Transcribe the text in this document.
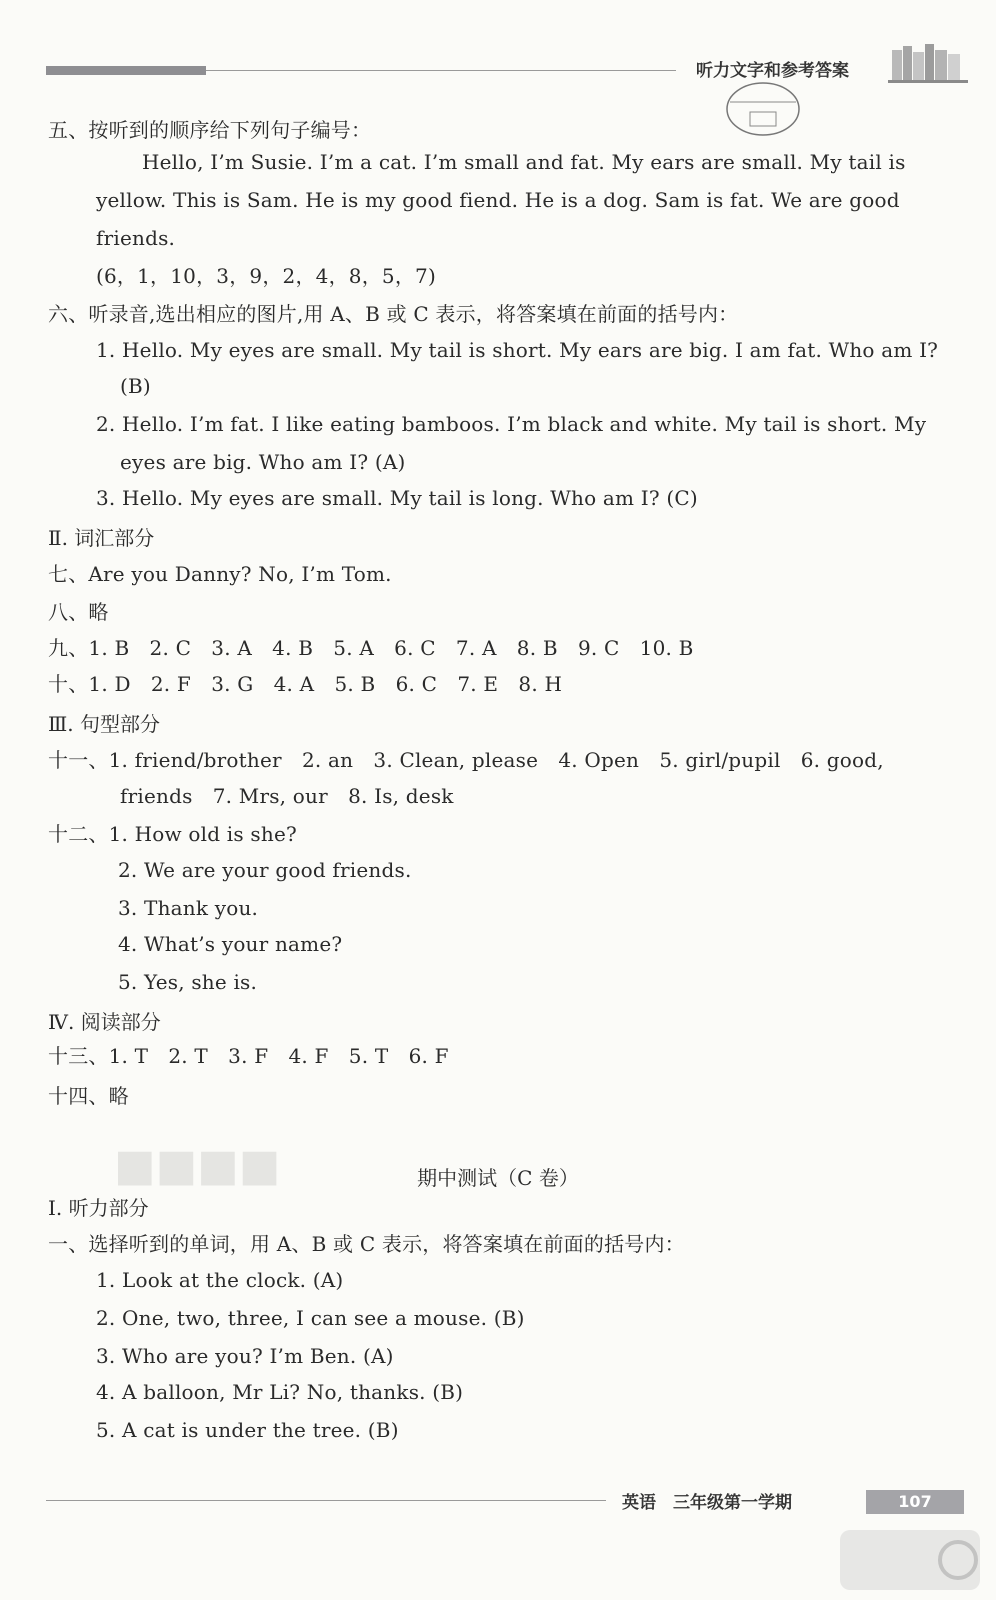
听力文字和参考答案
五、按听到的顺序给下列句子编号：
Hello, I’m Susie. I’m a cat. I’m small and fat. My ears are small. My tail is
yellow. This is Sam. He is my good fiend. He is a dog. Sam is fat. We are good
friends.
(6，1，10，3，9，2，4，8，5，7)
六、听录音,选出相应的图片,用 A、B 或 C 表示，将答案填在前面的括号内：
1. Hello. My eyes are small. My tail is short. My ears are big. I am fat. Who am I?
(B)
2. Hello. I’m fat. I like eating bamboos. I’m black and white. My tail is short. My
eyes are big. Who am I? (A)
3. Hello. My eyes are small. My tail is long. Who am I? (C)
Ⅱ. 词汇部分
七、Are you Danny? No, I’m Tom.
八、略
九、1. B　2. C　3. A　4. B　5. A　6. C　7. A　8. B　9. C　10. B
十、1. D　2. F　3. G　4. A　5. B　6. C　7. E　8. H
Ⅲ. 句型部分
十一、1. friend/brother　2. an　3. Clean, please　4. Open　5. girl/pupil　6. good,
friends　7. Mrs, our　8. Is, desk
十二、1. How old is she?
2. We are your good friends.
3. Thank you.
4. What’s your name?
5. Yes, she is.
Ⅳ. 阅读部分
十三、1. T　2. T　3. F　4. F　5. T　6. F
十四、略
■■■■	期中测试（C 卷）
Ⅰ. 听力部分
一、选择听到的单词，用 A、B 或 C 表示，将答案填在前面的括号内：
1. Look at the clock. (A)
2. One, two, three, I can see a mouse. (B)
3. Who are you? I’m Ben. (A)
4. A balloon, Mr Li? No, thanks. (B)
5. A cat is under the tree. (B)
英语　三年级第一学期	107
